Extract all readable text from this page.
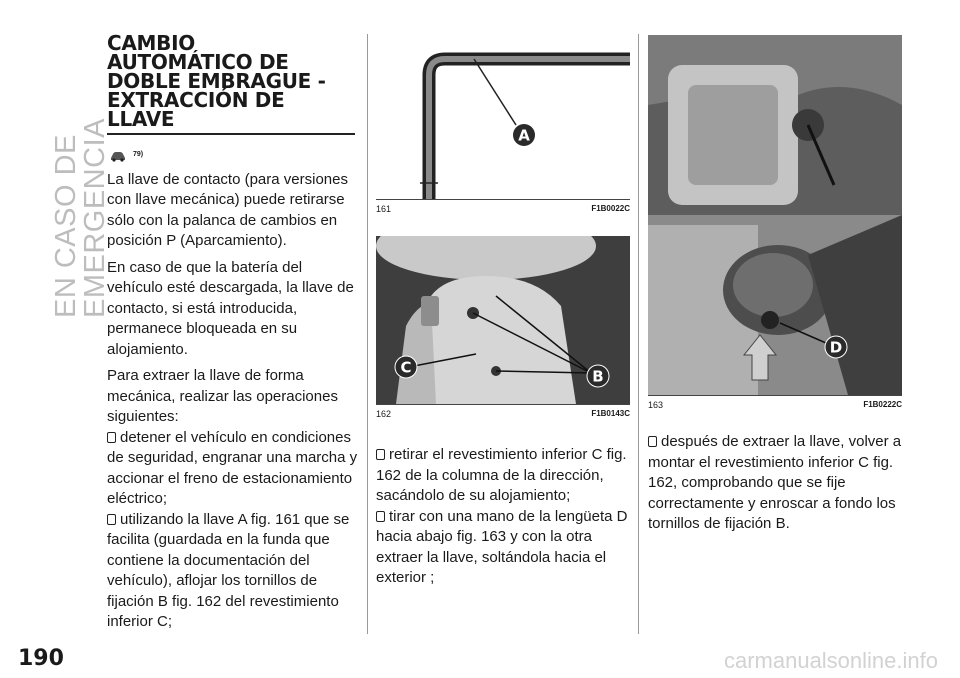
EN CASO DE EMERGENCIA
190	carmanualsonline.info
CAMBIO
AUTOMÁTICO DE
DOBLE EMBRAGUE -
EXTRACCIÓN DE
LLAVE
79)

La llave de contacto (para versiones con llave mecánica) puede retirarse sólo con la palanca de cambios en posición P (Aparcamiento).

En caso de que la batería del vehículo esté descargada, la llave de contacto, si está introducida, permanece bloqueada en su alojamiento.

Para extraer la llave de forma mecánica, realizar las operaciones siguientes:

detener el vehículo en condiciones de seguridad, engranar una marcha y accionar el freno de estacionamiento eléctrico;
utilizando la llave A fig. 161 que se facilita (guardada en la funda que contiene la documentación del vehículo), aflojar los tornillos de fijación B fig. 162 del revestimiento inferior C;
A
161	F1B0022C
B
C
162	F1B0143C
retirar el revestimiento inferior C fig. 162 de la columna de la dirección, sacándolo de su alojamiento;
tirar con una mano de la lengüeta D hacia abajo fig. 163 y con la otra extraer la llave, soltándola hacia el exterior ;
D
163	F1B0222C
después de extraer la llave, volver a montar el revestimiento inferior C fig. 162, comprobando que se fije correctamente y enroscar a fondo los tornillos de fijación B.
